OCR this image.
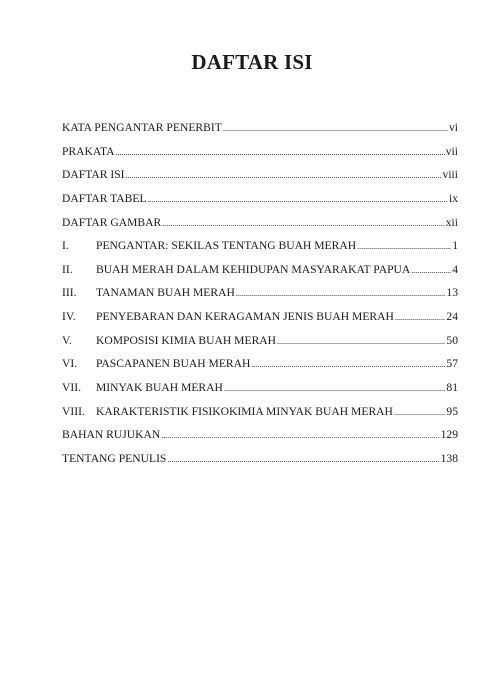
DAFTAR ISI
KATA PENGANTAR PENERBIT .....	vi
PRAKATA .....	vii
DAFTAR ISI .....	viii
DAFTAR TABEL .....	ix
DAFTAR GAMBAR .....	xii
I.	PENGANTAR: SEKILAS TENTANG BUAH MERAH .....	1
II.	BUAH MERAH DALAM KEHIDUPAN MASYARAKAT PAPUA .....	4
III.	TANAMAN BUAH MERAH .....	13
IV.	PENYEBARAN DAN KERAGAMAN JENIS BUAH MERAH .....	24
V.	KOMPOSISI KIMIA BUAH MERAH .....	50
VI.	PASCAPANEN BUAH MERAH .....	57
VII.	MINYAK BUAH MERAH .....	81
VIII. KARAKTERISTIK FISIKOKIMIA MINYAK BUAH MERAH .....	95
BAHAN RUJUKAN .....	129
TENTANG PENULIS .....	138
